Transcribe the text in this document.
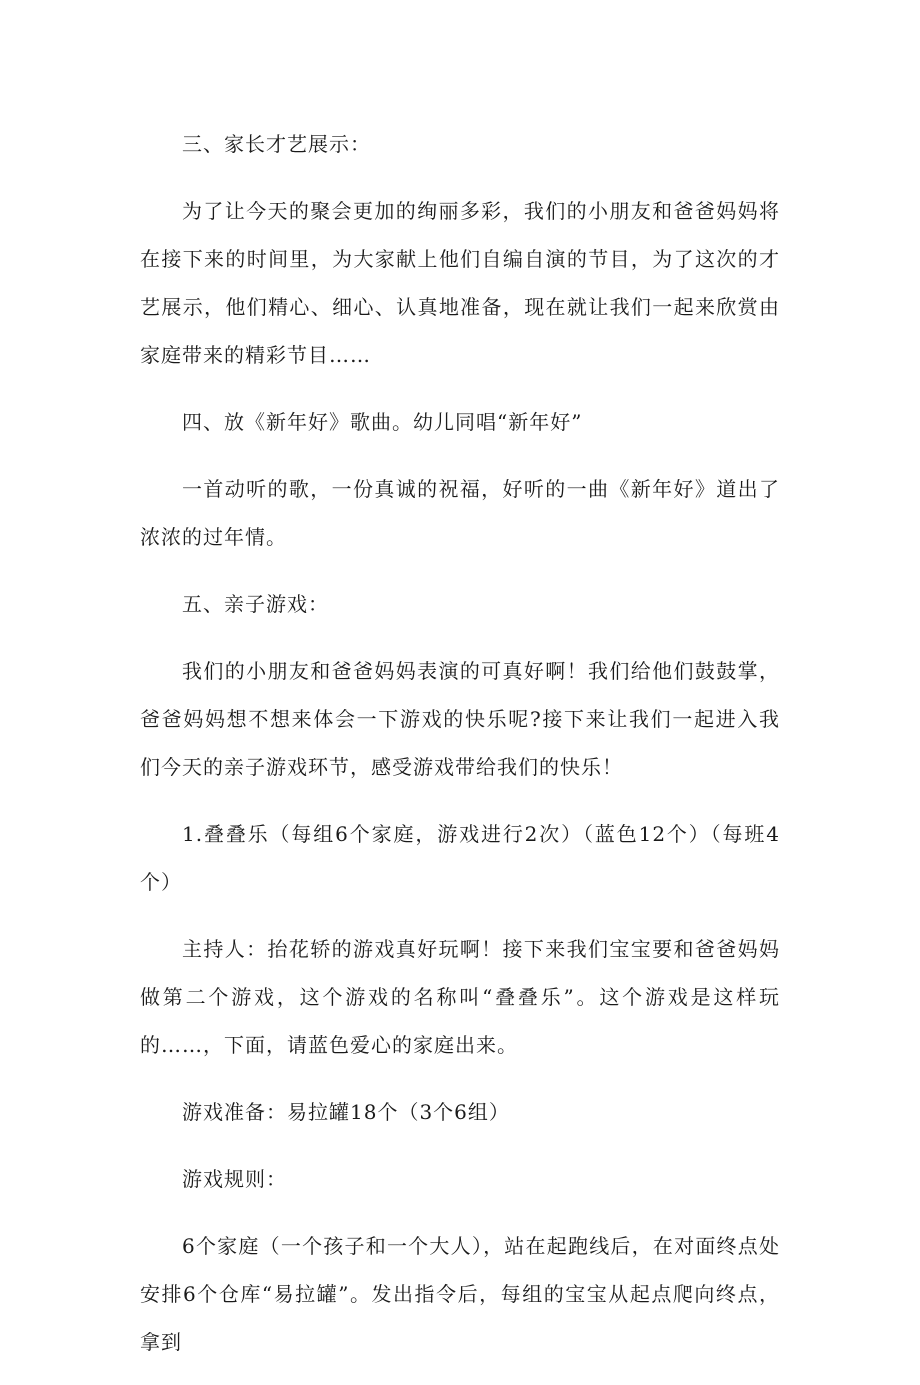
三、家长才艺展示：

为了让今天的聚会更加的绚丽多彩，我们的小朋友和爸爸妈妈将在接下来的时间里，为大家献上他们自编自演的节目，为了这次的才艺展示，他们精心、细心、认真地准备，现在就让我们一起来欣赏由家庭带来的精彩节目……

四、放《新年好》歌曲。幼儿同唱“新年好”

一首动听的歌，一份真诚的祝福，好听的一曲《新年好》道出了浓浓的过年情。

五、亲子游戏：

我们的小朋友和爸爸妈妈表演的可真好啊！我们给他们鼓鼓掌，爸爸妈妈想不想来体会一下游戏的快乐呢?接下来让我们一起进入我们今天的亲子游戏环节，感受游戏带给我们的快乐！

1.叠叠乐（每组6个家庭，游戏进行2次）（蓝色12个）（每班4个）

主持人：抬花轿的游戏真好玩啊！接下来我们宝宝要和爸爸妈妈做第二个游戏，这个游戏的名称叫“叠叠乐”。这个游戏是这样玩的……，下面，请蓝色爱心的家庭出来。

游戏准备：易拉罐18个（3个6组）

游戏规则：

6个家庭（一个孩子和一个大人），站在起跑线后，在对面终点处安排6个仓库“易拉罐”。发出指令后，每组的宝宝从起点爬向终点，拿到
